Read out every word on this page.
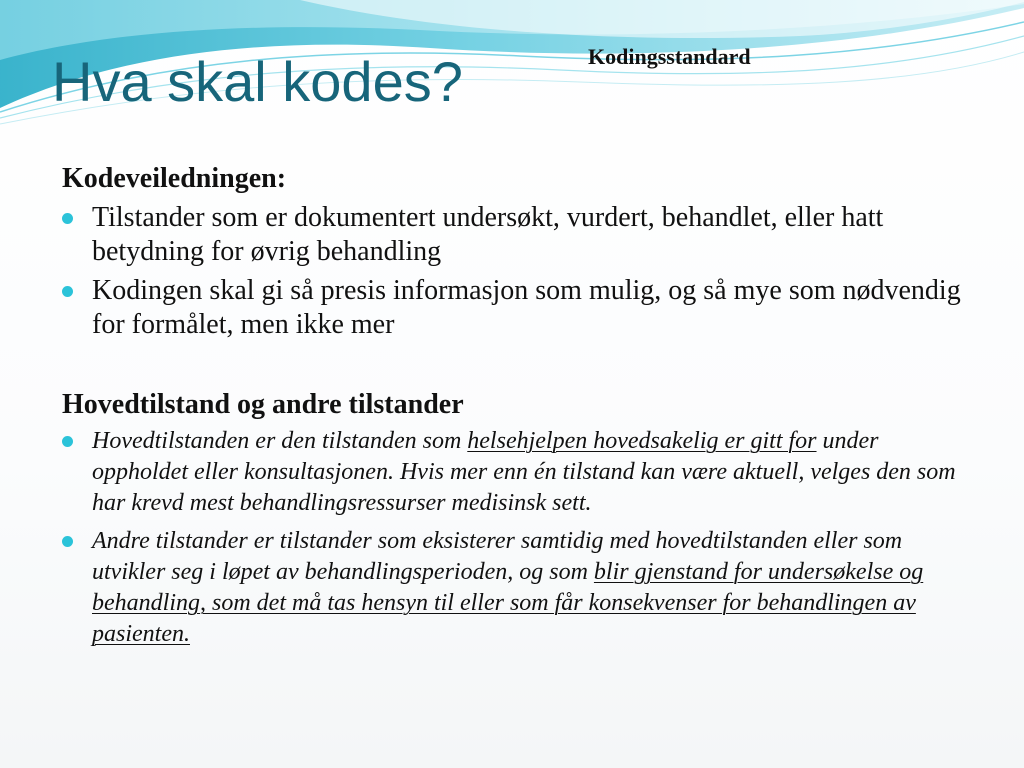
Kodingsstandard
Hva skal kodes?
Kodeveiledningen:
Tilstander som er dokumentert undersøkt, vurdert, behandlet, eller hatt betydning for øvrig behandling
Kodingen skal gi så presis informasjon som mulig, og så mye som nødvendig for formålet, men ikke mer
Hovedtilstand og andre tilstander
Hovedtilstanden er den tilstanden som helsehjelpen hovedsakelig er gitt for under oppholdet eller konsultasjonen. Hvis mer enn én tilstand kan være aktuell, velges den som har krevd mest behandlingsressurser medisinsk sett.
Andre tilstander er tilstander som eksisterer samtidig med hovedtilstanden eller som utvikler seg i løpet av behandlingsperioden, og som blir gjenstand for undersøkelse og behandling, som det må tas hensyn til eller som får konsekvenser for behandlingen av pasienten.
